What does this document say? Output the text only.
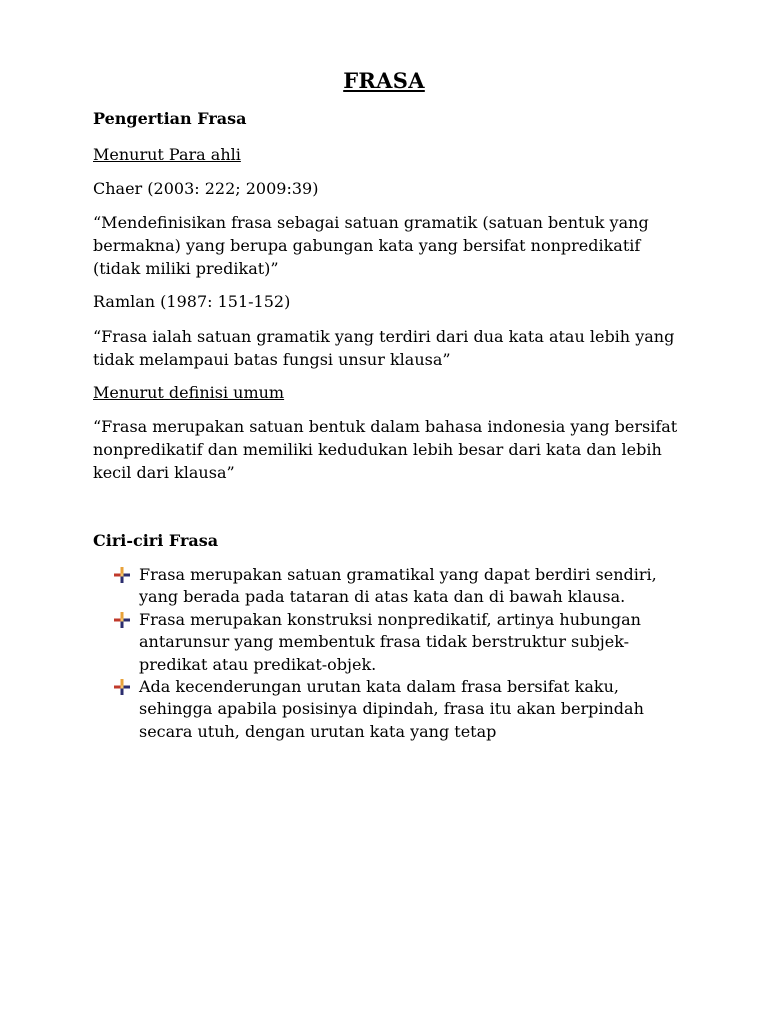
FRASA
Pengertian Frasa
Menurut Para ahli
Chaer (2003: 222; 2009:39)
“Mendefinisikan frasa sebagai satuan gramatik (satuan bentuk yang bermakna) yang berupa gabungan kata yang bersifat nonpredikatif (tidak miliki predikat)”
Ramlan (1987: 151-152)
“Frasa ialah satuan gramatik yang terdiri dari dua kata atau lebih yang tidak melampaui batas fungsi unsur klausa”
Menurut definisi umum
“Frasa merupakan satuan bentuk dalam bahasa indonesia yang bersifat nonpredikatif dan memiliki kedudukan lebih besar dari kata dan lebih kecil dari klausa”
Ciri-ciri Frasa
Frasa merupakan satuan gramatikal yang dapat berdiri sendiri, yang berada pada tataran di atas kata dan di bawah klausa.
Frasa merupakan konstruksi nonpredikatif, artinya hubungan antarunsur yang membentuk frasa tidak berstruktur subjek-predikat atau predikat-objek.
Ada kecenderungan urutan kata dalam frasa bersifat kaku, sehingga apabila posisinya dipindah, frasa itu akan berpindah secara utuh, dengan urutan kata yang tetap
